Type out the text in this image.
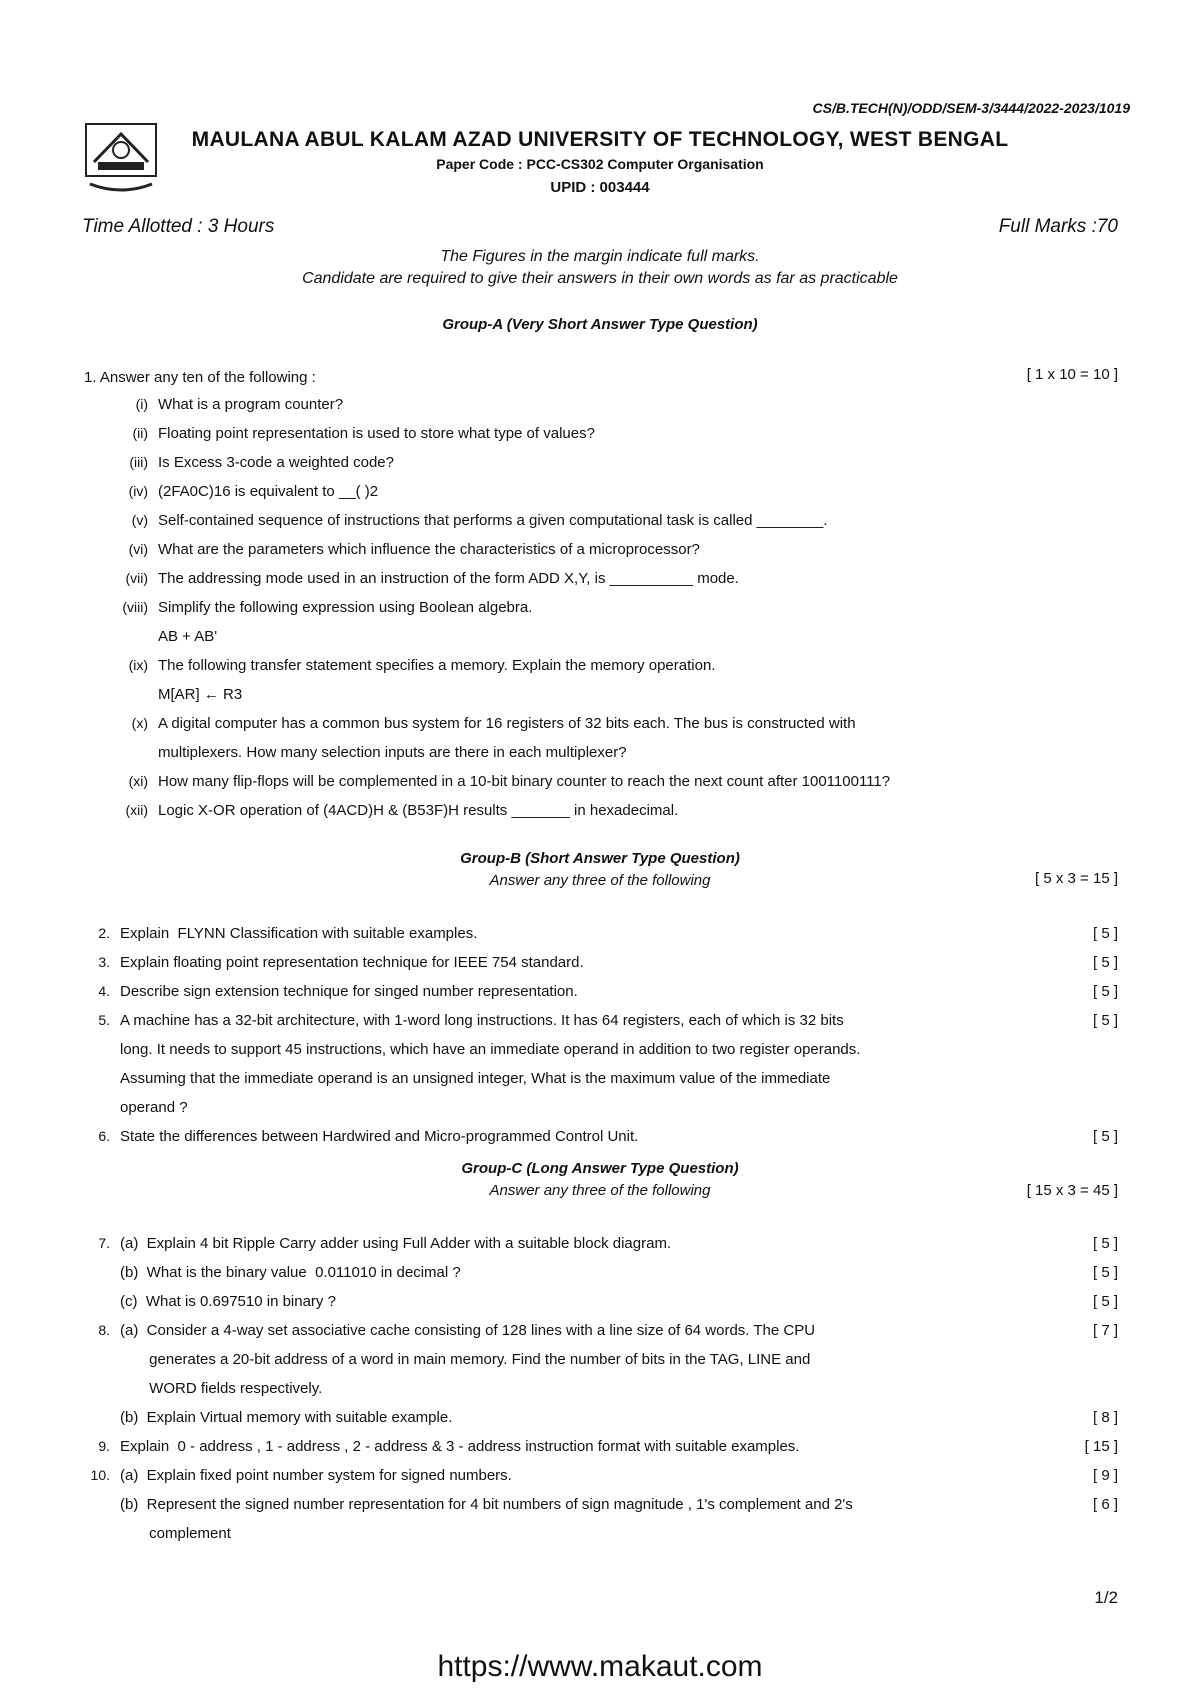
CS/B.TECH(N)/ODD/SEM-3/3444/2022-2023/1019
MAULANA ABUL KALAM AZAD UNIVERSITY OF TECHNOLOGY, WEST BENGAL
Paper Code : PCC-CS302 Computer Organisation
UPID : 003444
Time Allotted : 3 Hours	Full Marks :70
The Figures in the margin indicate full marks.
Candidate are required to give their answers in their own words as far as practicable
Group-A (Very Short Answer Type Question)
1. Answer any ten of the following :	[ 1 x 10 = 10 ]
(i) What is a program counter?
(ii) Floating point representation is used to store what type of values?
(iii) Is Excess 3-code a weighted code?
(iv) (2FA0C)16 is equivalent to __( )2
(v) Self-contained sequence of instructions that performs a given computational task is called ________.
(vi) What are the parameters which influence the characteristics of a microprocessor?
(vii) The addressing mode used in an instruction of the form ADD X,Y, is __________ mode.
(viii) Simplify the following expression using Boolean algebra.
AB + AB'
(ix) The following transfer statement specifies a memory. Explain the memory operation.
M[AR] ← R3
(x) A digital computer has a common bus system for 16 registers of 32 bits each. The bus is constructed with
multiplexers. How many selection inputs are there in each multiplexer?
(xi) How many flip-flops will be complemented in a 10-bit binary counter to reach the next count after 1001100111?
(xii) Logic X-OR operation of (4ACD)H & (B53F)H results _______ in hexadecimal.
Group-B (Short Answer Type Question)
Answer any three of the following	[ 5 x 3 = 15 ]
2. Explain  FLYNN Classification with suitable examples.	[ 5 ]
3. Explain floating point representation technique for IEEE 754 standard.	[ 5 ]
4. Describe sign extension technique for singed number representation.	[ 5 ]
5. A machine has a 32-bit architecture, with 1-word long instructions. It has 64 registers, each of which is 32 bits	[ 5 ]
long. It needs to support 45 instructions, which have an immediate operand in addition to two register operands.
Assuming that the immediate operand is an unsigned integer, What is the maximum value of the immediate
operand ?
6. State the differences between Hardwired and Micro-programmed Control Unit.	[ 5 ]
Group-C (Long Answer Type Question)
Answer any three of the following	[ 15 x 3 = 45 ]
7. (a)  Explain 4 bit Ripple Carry adder using Full Adder with a suitable block diagram.	[ 5 ]
(b)  What is the binary value  0.011010 in decimal ?	[ 5 ]
(c)  What is 0.697510 in binary ?	[ 5 ]
8. (a)  Consider a 4-way set associative cache consisting of 128 lines with a line size of 64 words. The CPU	[ 7 ]
generates a 20-bit address of a word in main memory. Find the number of bits in the TAG, LINE and
WORD fields respectively.
(b)  Explain Virtual memory with suitable example.	[ 8 ]
9. Explain  0 - address , 1 - address , 2 - address & 3 - address instruction format with suitable examples.	[ 15 ]
10. (a)  Explain fixed point number system for signed numbers.	[ 9 ]
(b)  Represent the signed number representation for 4 bit numbers of sign magnitude , 1's complement and 2's	[ 6 ]
complement
1/2
https://www.makaut.com
